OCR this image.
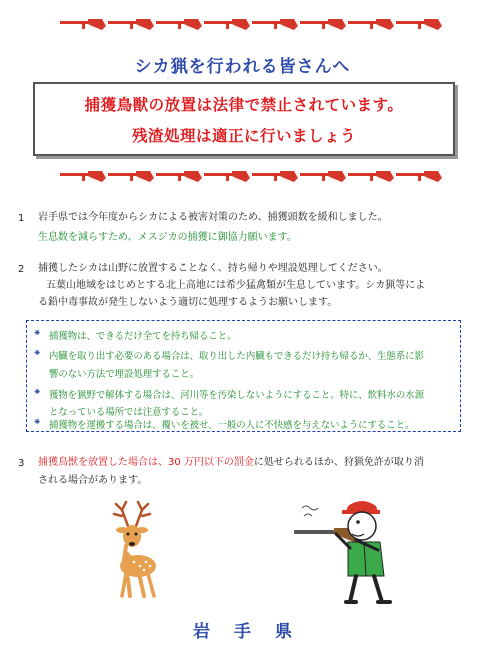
シカ猟を行われる皆さんへ
捕獲鳥獣の放置は法律で禁止されています。
残渣処理は適正に行いましょう
1 岩手県では今年度からシカによる被害対策のため、捕獲頭数を緩和しました。
生息数を減らすため、メスジカの捕獲に御協力願います。
2 捕獲したシカは山野に放置することなく、持ち帰りや埋設処理してください。
五葉山地域をはじめとする北上高地には希少猛禽類が生息しています。シカ猟等によ
る鉛中毒事故が発生しないよう適切に処理するようお願いします。
⁕ 捕獲物は、できるだけ全てを持ち帰ること。
⁕ 内臓を取り出す必要のある場合は、取り出した内臓もできるだけ持ち帰るか、生態系に影
響のない方法で埋設処理すること。
⁕ 獲物を猟野で解体する場合は、河川等を汚染しないようにすること。特に、飲料水の水源
となっている場所では注意すること。
⁕ 捕獲物を運搬する場合は、覆いを被せ、一般の人に不快感を与えないようにすること。
3 捕獲鳥獣を放置した場合は、30 万円以下の罰金に処せられるほか、狩猟免許が取り消
される場合があります。
岩 手 県
